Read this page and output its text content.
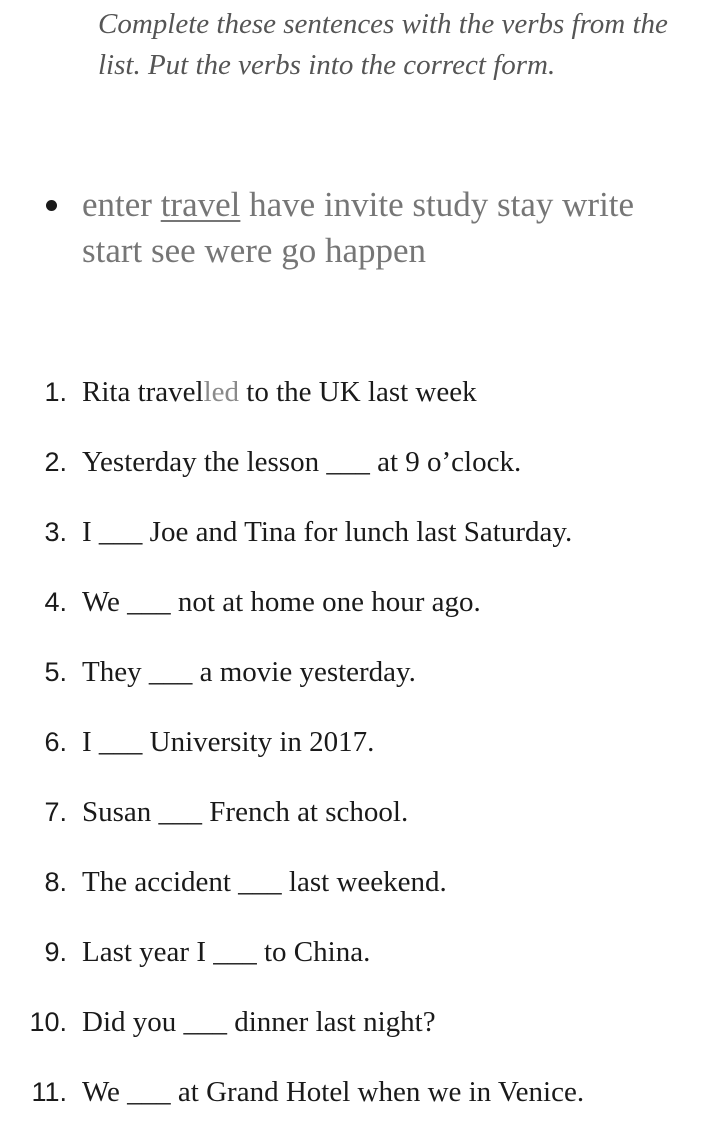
Complete these sentences with the verbs from the list. Put the verbs into the correct form.
enter travel have invite study stay write start see were go happen
1. Rita travelled to the UK last week
2. Yesterday the lesson ___ at 9 o’clock.
3. I ___ Joe and Tina for lunch last Saturday.
4. We ___ not at home one hour ago.
5. They ___ a movie yesterday.
6. I ___ University in 2017.
7. Susan ___ French at school.
8. The accident ___ last weekend.
9. Last year I ___ to China.
10. Did you ___ dinner last night?
11. We ___ at Grand Hotel when we in Venice.
